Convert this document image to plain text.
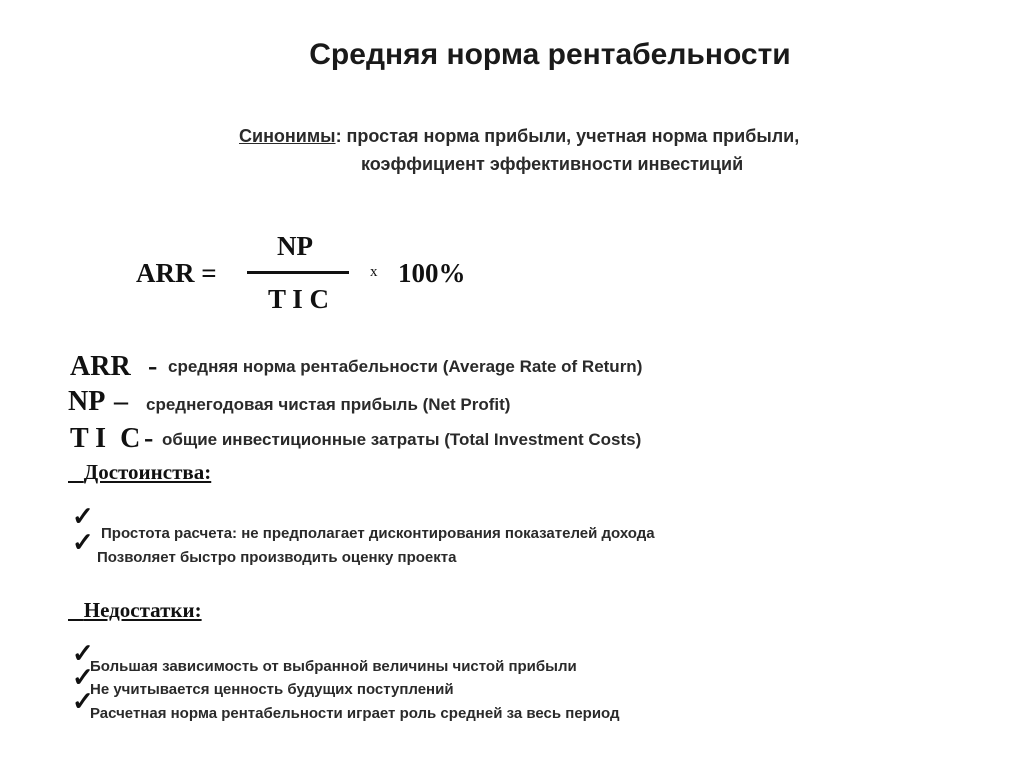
Средняя норма рентабельности
Синонимы: простая норма прибыли, учетная норма прибыли,
коэффициент эффективности инвестиций
ARR =
NP
T I C
x 100%
ARR - средняя норма рентабельности (Average Rate of Return)
NP – среднегодовая чистая прибыль (Net Profit)
T I  C - общие инвестиционные затраты (Total Investment Costs)
Достоинства:
✓
✓ Простота расчета: не предполагает дисконтирования показателей дохода
Позволяет быстро производить оценку проекта
Недостатки:
✓
✓
✓
Большая зависимость от выбранной величины чистой прибыли
Не учитывается ценность будущих поступлений
Расчетная норма рентабельности играет роль средней за весь период
